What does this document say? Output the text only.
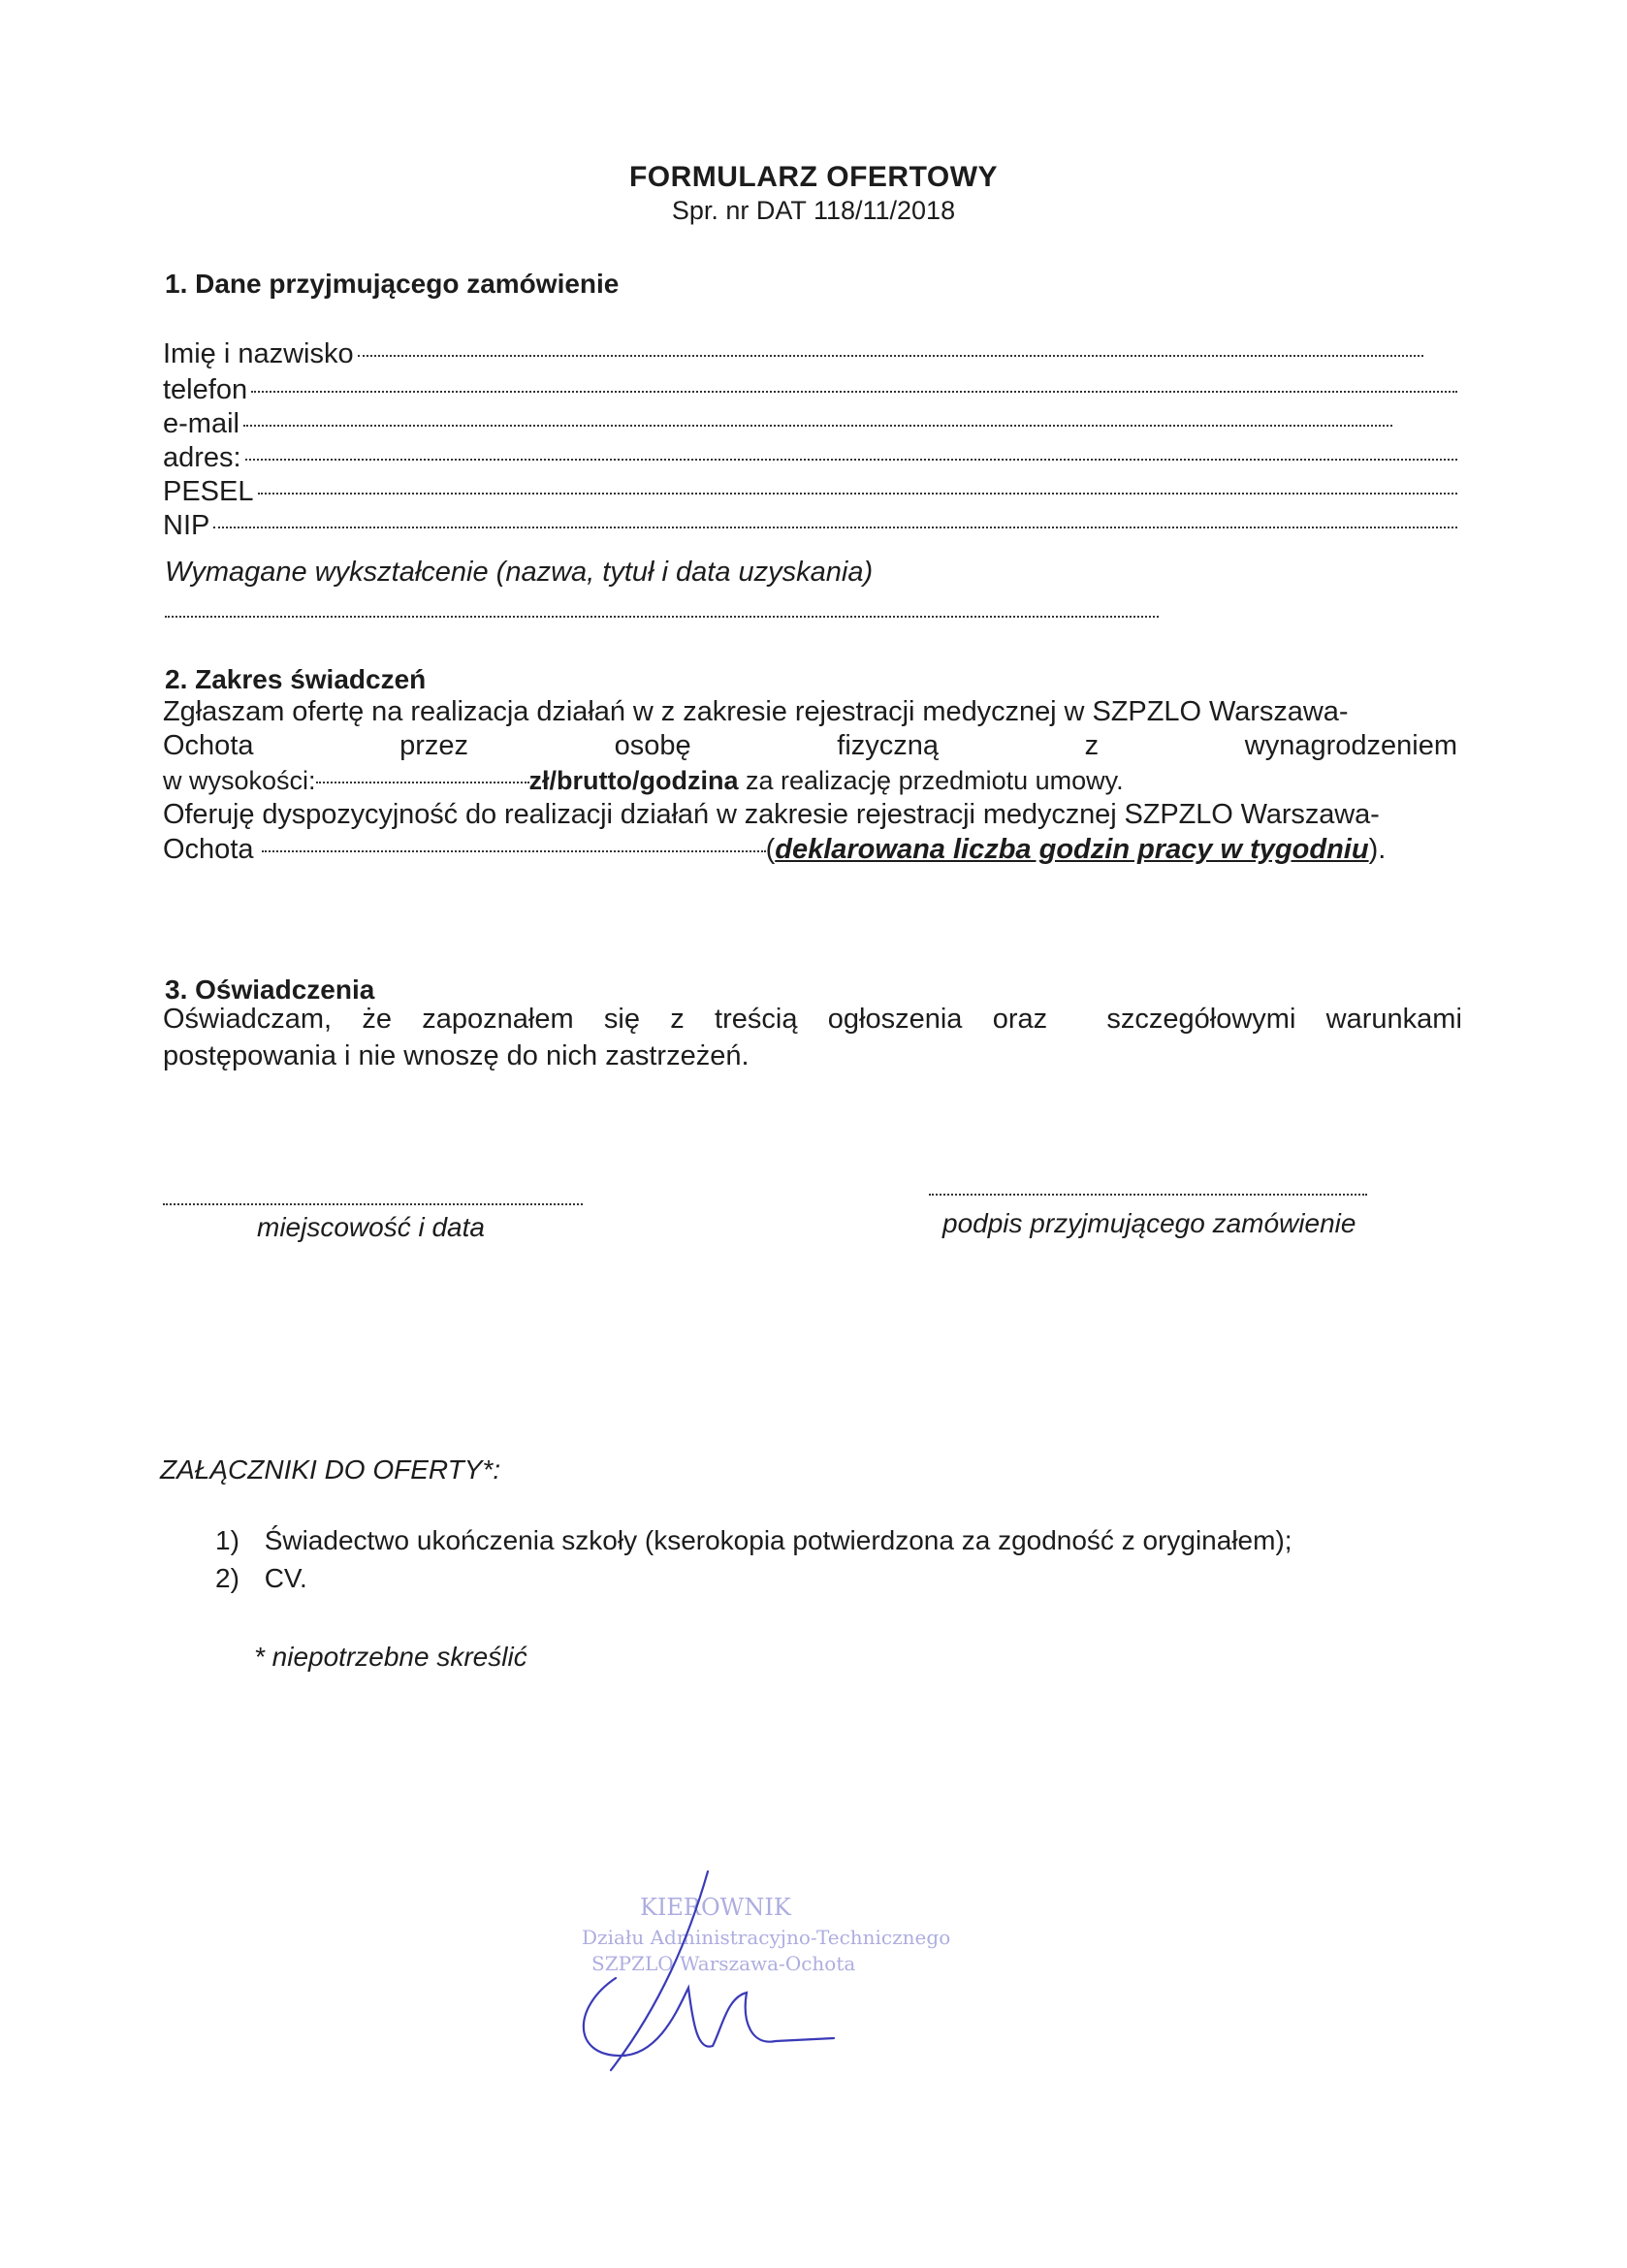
FORMULARZ OFERTOWY
Spr. nr DAT 118/11/2018
1. Dane przyjmującego zamówienie
Imię i nazwisko
telefon
e-mail
adres:
PESEL
NIP
Wymagane wykształcenie (nazwa, tytuł i data uzyskania)
2. Zakres świadczeń
Zgłaszam ofertę na realizacja działań w z zakresie rejestracji medycznej w SZPZLO Warszawa-
Ochota	przez	osobę	fizyczną	z	wynagrodzeniem
w wysokości:	zł/brutto/godzina za realizację przedmiotu umowy.
Oferuję dyspozycyjność do realizacji działań w zakresie rejestracji medycznej SZPZLO Warszawa-
Ochota	(deklarowana liczba godzin pracy w tygodniu).
3. Oświadczenia
Oświadczam, że zapoznałem się z treścią ogłoszenia oraz szczegółowymi warunkami
postępowania i nie wnoszę do nich zastrzeżeń.
miejscowość i data	podpis przyjmującego zamówienie
ZAŁĄCZNIKI DO OFERTY*:
1) Świadectwo ukończenia szkoły (kserokopia potwierdzona za zgodność z oryginałem);
2) CV.
* niepotrzebne skreślić
KIEROWNIK
Działu Administracyjno-Technicznego
SZPZLO Warszawa-Ochota
